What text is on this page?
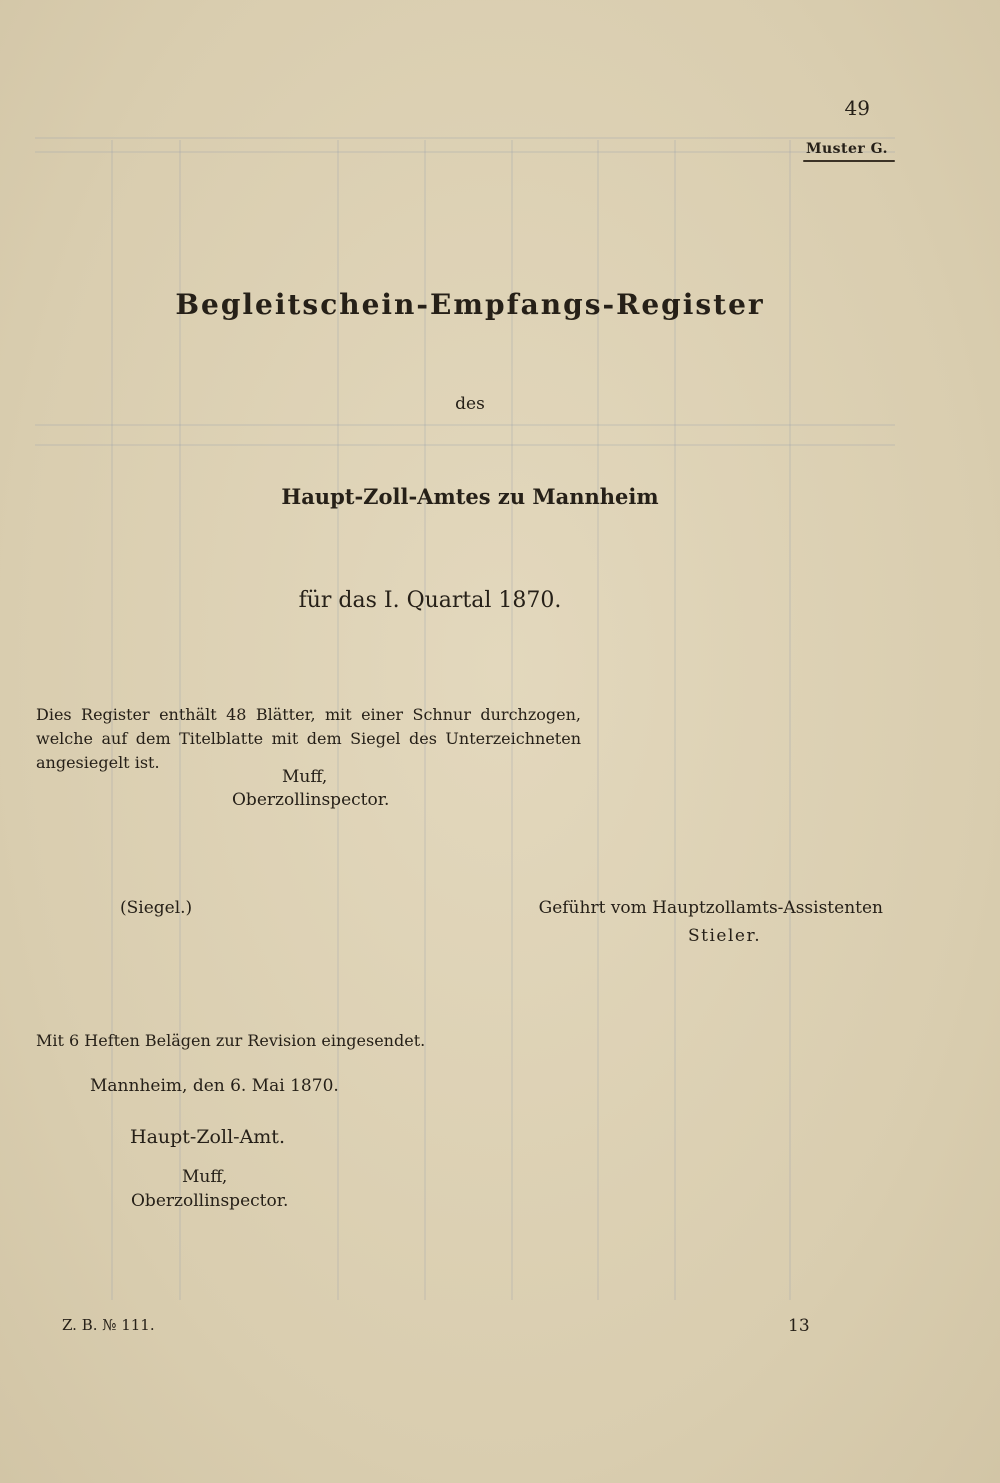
49
Muster G.
Begleitschein-Empfangs-Register
des
Haupt-Zoll-Amtes zu Mannheim
für das I. Quartal 1870.
Dies Register enthält 48 Blätter, mit einer Schnur durchzogen, welche auf dem Titelblatte mit dem Siegel des Unterzeichneten angesiegelt ist.
Muff,
Oberzollinspector.
(Siegel.)	Geführt vom Hauptzollamts-Assistenten
Stieler.
Mit 6 Heften Belägen zur Revision eingesendet.
Mannheim, den 6. Mai 1870.
Haupt-Zoll-Amt.
Muff,
Oberzollinspector.
Z. B. № 111.	13
